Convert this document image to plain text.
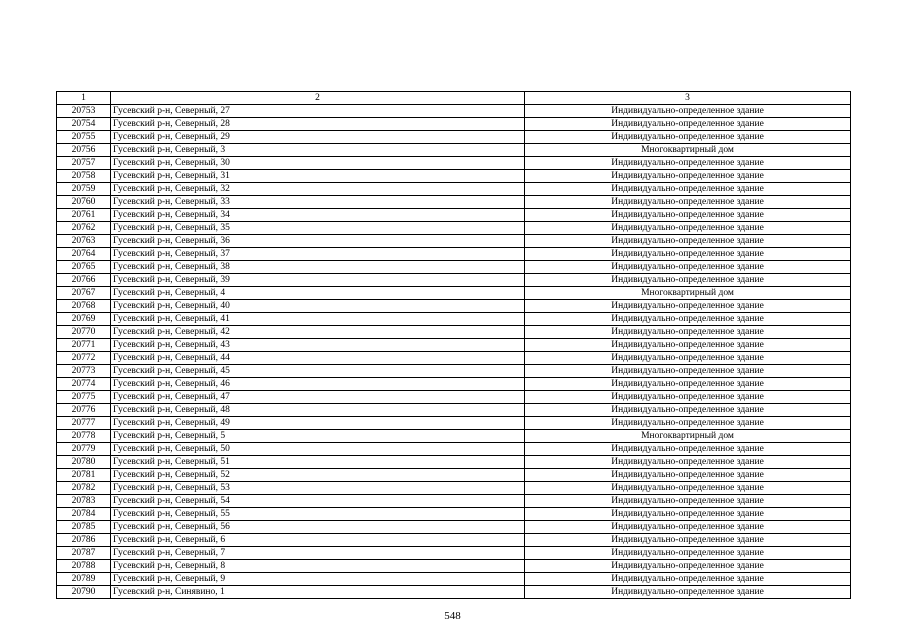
1	2	3
20753	Гусевский р-н, Северный, 27	Индивидуально-определенное здание
20754	Гусевский р-н, Северный, 28	Индивидуально-определенное здание
20755	Гусевский р-н, Северный, 29	Индивидуально-определенное здание
20756	Гусевский р-н, Северный, 3	Многоквартирный дом
20757	Гусевский р-н, Северный, 30	Индивидуально-определенное здание
20758	Гусевский р-н, Северный, 31	Индивидуально-определенное здание
20759	Гусевский р-н, Северный, 32	Индивидуально-определенное здание
20760	Гусевский р-н, Северный, 33	Индивидуально-определенное здание
20761	Гусевский р-н, Северный, 34	Индивидуально-определенное здание
20762	Гусевский р-н, Северный, 35	Индивидуально-определенное здание
20763	Гусевский р-н, Северный, 36	Индивидуально-определенное здание
20764	Гусевский р-н, Северный, 37	Индивидуально-определенное здание
20765	Гусевский р-н, Северный, 38	Индивидуально-определенное здание
20766	Гусевский р-н, Северный, 39	Индивидуально-определенное здание
20767	Гусевский р-н, Северный, 4	Многоквартирный дом
20768	Гусевский р-н, Северный, 40	Индивидуально-определенное здание
20769	Гусевский р-н, Северный, 41	Индивидуально-определенное здание
20770	Гусевский р-н, Северный, 42	Индивидуально-определенное здание
20771	Гусевский р-н, Северный, 43	Индивидуально-определенное здание
20772	Гусевский р-н, Северный, 44	Индивидуально-определенное здание
20773	Гусевский р-н, Северный, 45	Индивидуально-определенное здание
20774	Гусевский р-н, Северный, 46	Индивидуально-определенное здание
20775	Гусевский р-н, Северный, 47	Индивидуально-определенное здание
20776	Гусевский р-н, Северный, 48	Индивидуально-определенное здание
20777	Гусевский р-н, Северный, 49	Индивидуально-определенное здание
20778	Гусевский р-н, Северный, 5	Многоквартирный дом
20779	Гусевский р-н, Северный, 50	Индивидуально-определенное здание
20780	Гусевский р-н, Северный, 51	Индивидуально-определенное здание
20781	Гусевский р-н, Северный, 52	Индивидуально-определенное здание
20782	Гусевский р-н, Северный, 53	Индивидуально-определенное здание
20783	Гусевский р-н, Северный, 54	Индивидуально-определенное здание
20784	Гусевский р-н, Северный, 55	Индивидуально-определенное здание
20785	Гусевский р-н, Северный, 56	Индивидуально-определенное здание
20786	Гусевский р-н, Северный, 6	Индивидуально-определенное здание
20787	Гусевский р-н, Северный, 7	Индивидуально-определенное здание
20788	Гусевский р-н, Северный, 8	Индивидуально-определенное здание
20789	Гусевский р-н, Северный, 9	Индивидуально-определенное здание
20790	Гусевский р-н, Синявино, 1	Индивидуально-определенное здание
548
